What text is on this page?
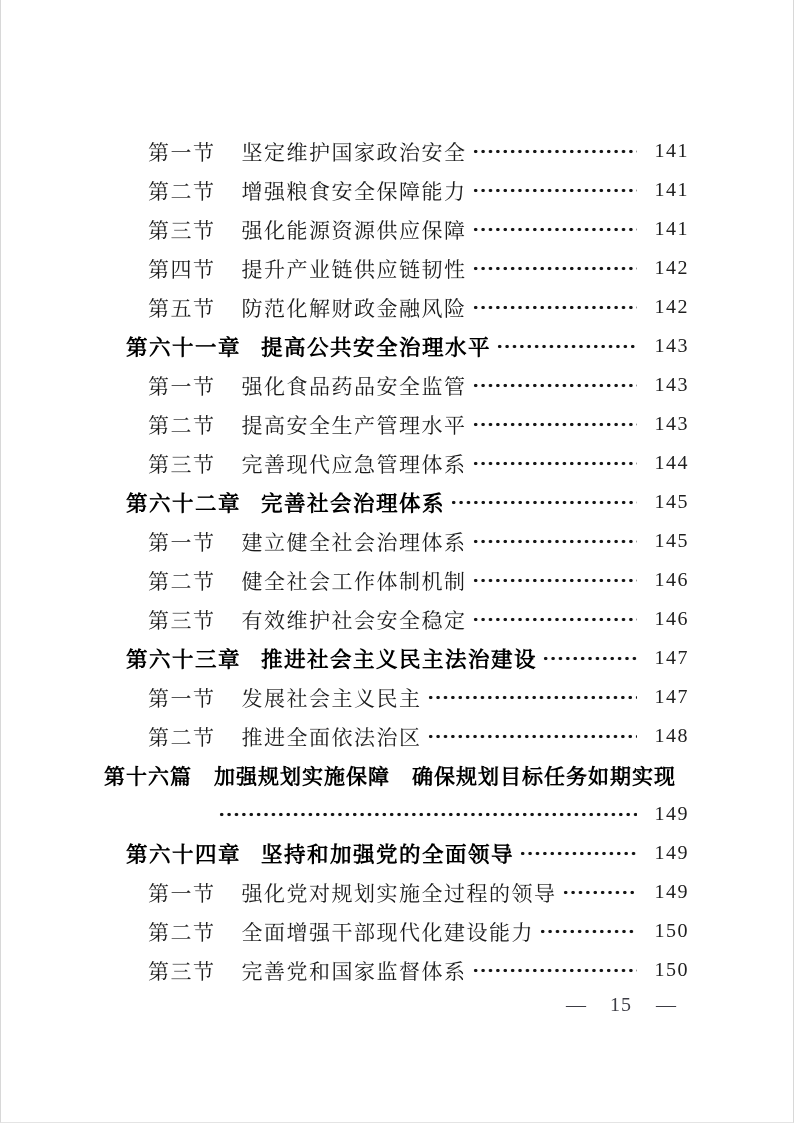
第一节 坚定维护国家政治安全	141
第二节 增强粮食安全保障能力	141
第三节 强化能源资源供应保障	141
第四节 提升产业链供应链韧性	142
第五节 防范化解财政金融风险	142
第六十一章 提高公共安全治理水平	143
第一节 强化食品药品安全监管	143
第二节 提高安全生产管理水平	143
第三节 完善现代应急管理体系	144
第六十二章 完善社会治理体系	145
第一节 建立健全社会治理体系	145
第二节 健全社会工作体制机制	146
第三节 有效维护社会安全稳定	146
第六十三章 推进社会主义民主法治建设	147
第一节 发展社会主义民主	147
第二节 推进全面依法治区	148
第十六篇 加强规划实施保障　确保规划目标任务如期实现
149
第六十四章 坚持和加强党的全面领导	149
第一节 强化党对规划实施全过程的领导	149
第二节 全面增强干部现代化建设能力	150
第三节 完善党和国家监督体系	150
— 15 —
